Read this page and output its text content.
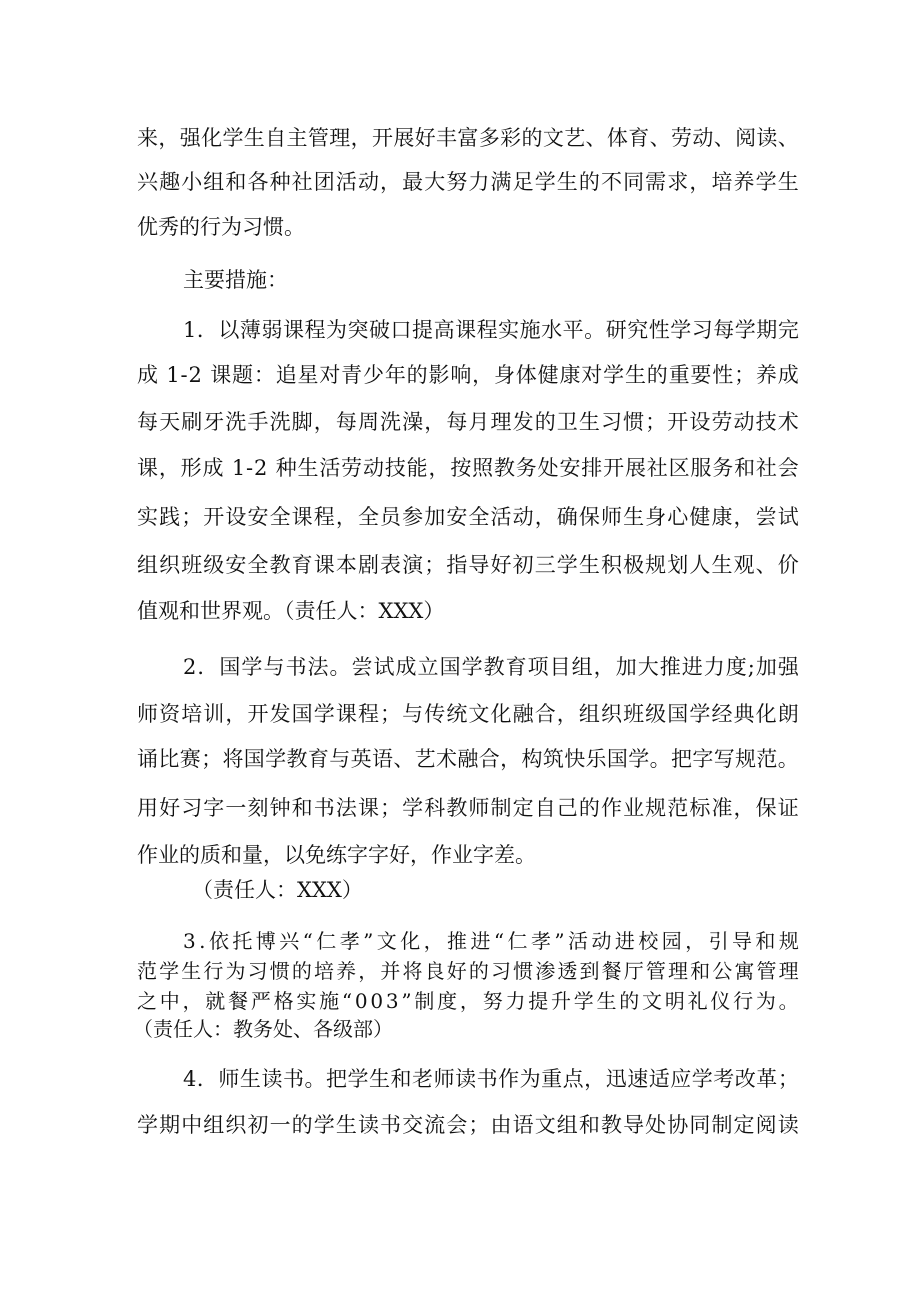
来 ， 强 化 学 生 自 主 管 理 ， 开 展 好 丰 富 多 彩 的 文 艺 、 体 育 、 劳 动 、 阅 读 、
兴 趣 小 组 和 各 种 社 团 活 动 ， 最 大 努 力 满 足 学 生 的 不 同 需 求 ， 培 养 学 生
优秀的行为习惯。
主要措施：
1 ． 以 薄 弱 课 程 为 突 破 口 提 高 课 程 实 施 水 平 。 研 究 性 学 习 每 学 期 完
成
1 - 2
课 题 ： 追 星 对 青 少 年 的 影 响 ， 身 体 健 康 对 学 生 的 重 要 性 ； 养 成
每 天 刷 牙 洗 手 洗 脚 ， 每 周 洗 澡 ， 每 月 理 发 的 卫 生 习 惯 ； 开 设 劳 动 技 术
课 ， 形 成
1 - 2
种 生 活 劳 动 技 能 ， 按 照 教 务 处 安 排 开 展 社 区 服 务 和 社 会
实 践 ； 开 设 安 全 课 程 ， 全 员 参 加 安 全 活 动 ， 确 保 师 生 身 心 健 康 ， 尝 试
组 织 班 级 安 全 教 育 课 本 剧 表 演 ； 指 导 好 初 三 学 生 积 极 规 划 人 生 观 、 价
值观和世界观。（责任人：XXX）
2 ． 国 学 与 书 法 。 尝 试 成 立 国 学 教 育 项 目 组 ， 加 大 推 进 力 度 ; 加 强
师 资 培 训 ， 开 发 国 学 课 程 ； 与 传 统 文 化 融 合 ， 组 织 班 级 国 学 经 典 化 朗
诵 比 赛 ； 将 国 学 教 育 与 英 语 、 艺 术 融 合 ， 构 筑 快 乐 国 学 。 把 字 写 规 范 。
用 好 习 字 一 刻 钟 和 书 法 课 ； 学 科 教 师 制 定 自 己 的 作 业 规 范 标 准 ， 保 证
作业的质和量，以免练字字好，作业字差。
（责任人：XXX）
3 . 依 托 博 兴 “ 仁 孝 ” 文 化 ， 推 进 “ 仁 孝 ” 活 动 进 校 园 ， 引 导 和 规
范 学 生 行 为 习 惯 的 培 养 ， 并 将 良 好 的 习 惯 渗 透 到 餐 厅 管 理 和 公 寓 管 理
之 中 ， 就 餐 严 格 实 施 “ 0 0 3 ” 制 度 ， 努 力 提 升 学 生 的 文 明 礼 仪 行 为 。
（责任人：教务处、各级部）
4 ． 师 生 读 书 。 把 学 生 和 老 师 读 书 作 为 重 点 ， 迅 速 适 应 学 考 改 革 ；
学 期 中 组 织 初 一 的 学 生 读 书 交 流 会 ； 由 语 文 组 和 教 导 处 协 同 制 定 阅 读
